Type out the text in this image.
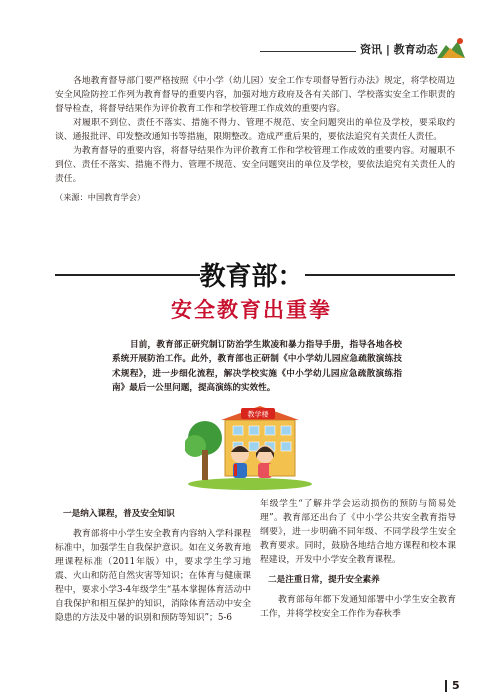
资讯 | 教育动态

各地教育督导部门要严格按照《中小学（幼儿园）安全工作专项督导暂行办法》规定，将学校周边安全风险防控工作列为教育督导的重要内容，加强对地方政府及各有关部门、学校落实安全工作职责的督导检查，将督导结果作为评价教育工作和学校管理工作成效的重要内容。

对履职不到位、责任不落实、措施不得力、管理不规范、安全问题突出的单位及学校，要采取约谈、通报批评、印发整改通知书等措施，限期整改。造成严重后果的，要依法追究有关责任人责任。

为教育督导的重要内容，将督导结果作为评价教育工作和学校管理工作成效的重要内容。对履职不到位、责任不落实、措施不得力、管理不规范、安全问题突出的单位及学校，要依法追究有关责任人的责任。

（来源：中国教育学会）

教育部：
安全教育出重拳

目前，教育部正研究制订防治学生欺凌和暴力指导手册，指导各地各校系统开展防治工作。此外，教育部也正研制《中小学幼儿园应急疏散演练技术规程》，进一步细化流程，解决学校实施《中小学幼儿园应急疏散演练指南》最后一公里问题，提高演练的实效性。

教学楼

一是纳入课程，普及安全知识

教育部将中小学生安全教育内容纳入学科课程标准中，加强学生自我保护意识。如在义务教育地理课程标准（2011年版）中，要求学生学习地震、火山和防范自然灾害等知识；在体育与健康课程中，要求小学3-4年级学生“基本掌握体育活动中自我保护和相互保护的知识，消除体育活动中安全隐患的方法及中暑的识别和预防等知识”；5-6

年级学生“了解并学会运动损伤的预防与简易处理”。教育部还出台了《中小学公共安全教育指导纲要》，进一步明确不同年级、不同学段学生安全教育要求。同时，鼓励各地结合地方课程和校本课程建设，开发中小学安全教育课程。

二是注重日常，提升安全素养

教育部每年都下发通知部署中小学生安全教育工作，并将学校安全工作作为春秋季

5
